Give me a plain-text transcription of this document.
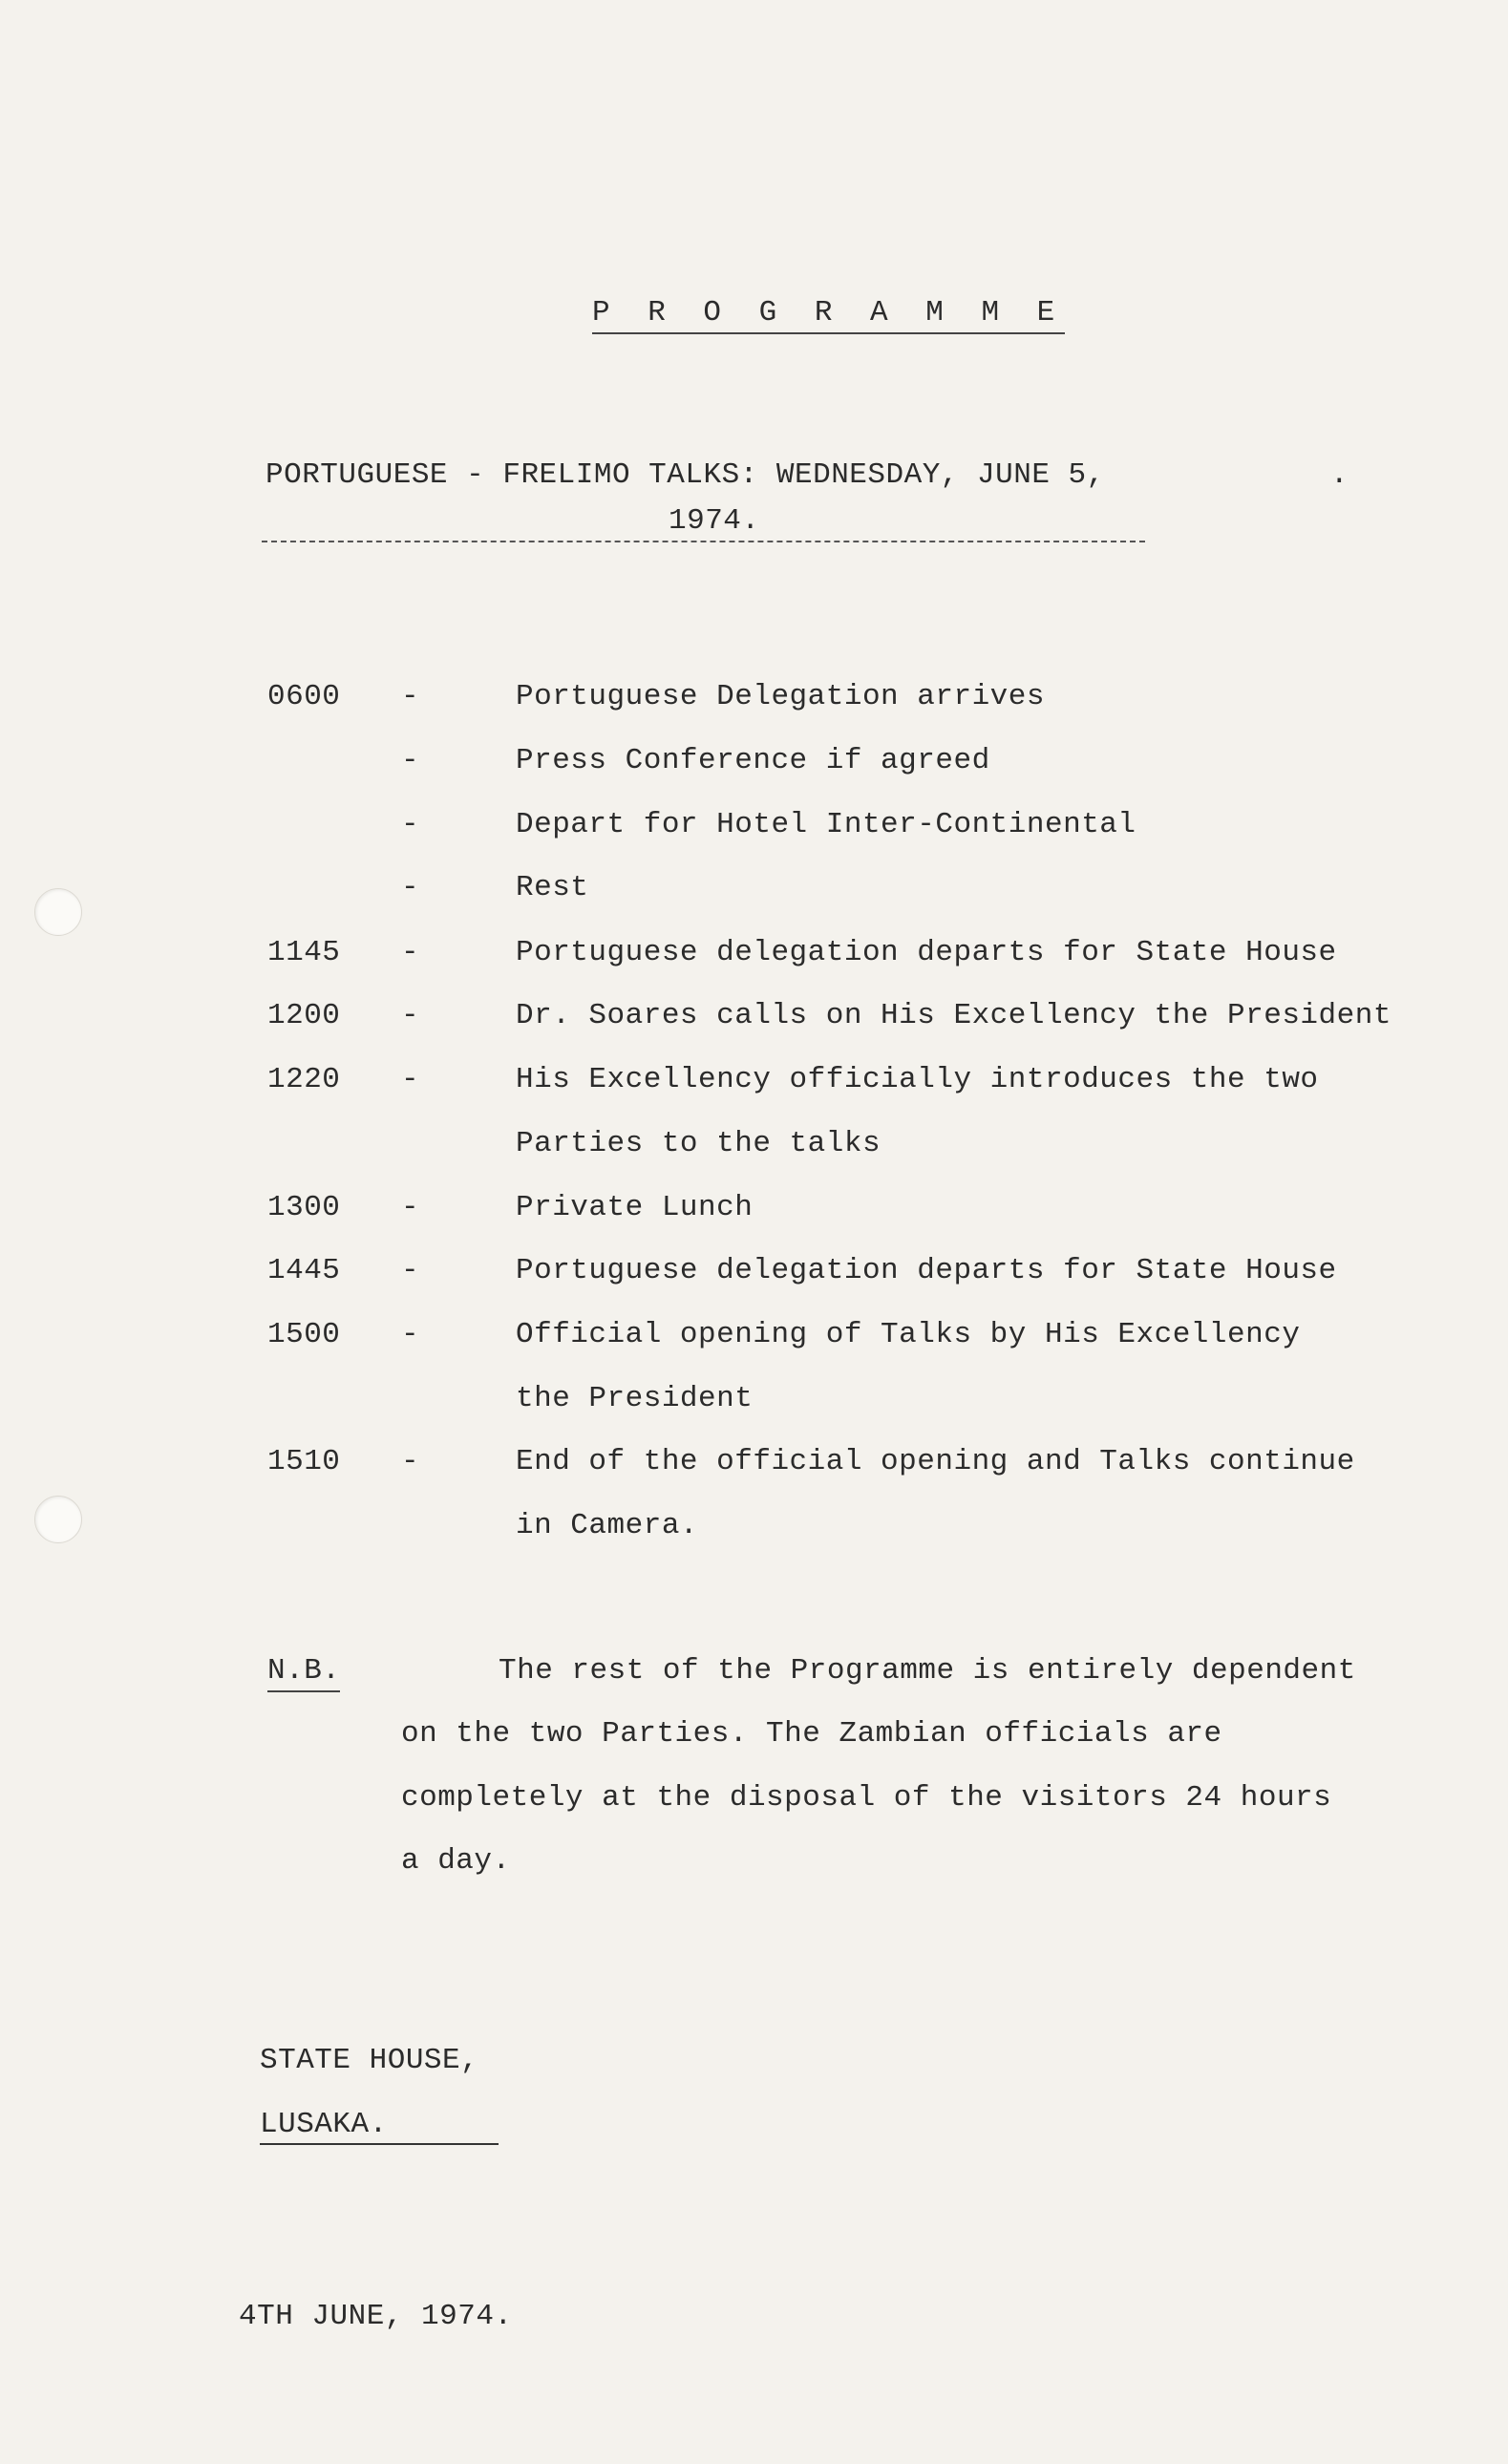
P R O G R A M M E
PORTUGUESE - FRELIMO TALKS: WEDNESDAY, JUNE 5,
1974.
.
0600 -	Portuguese Delegation arrives
-	Press Conference if agreed
-	Depart for Hotel Inter-Continental
-	Rest
1145 -	Portuguese delegation departs for State House
1200 -	Dr. Soares calls on His Excellency the President
1220 -	His Excellency officially introduces the two
Parties to the talks
1300 -	Private Lunch
1445 -	Portuguese delegation departs for State House
1500 -	Official opening of Talks by His Excellency
the President
1510 -	End of the official opening and Talks continue
in Camera.
N.B.	The rest of the Programme is entirely dependent
on the two Parties. The Zambian officials are
completely at the disposal of the visitors 24 hours
a day.
STATE HOUSE,
LUSAKA.
4TH JUNE, 1974.
